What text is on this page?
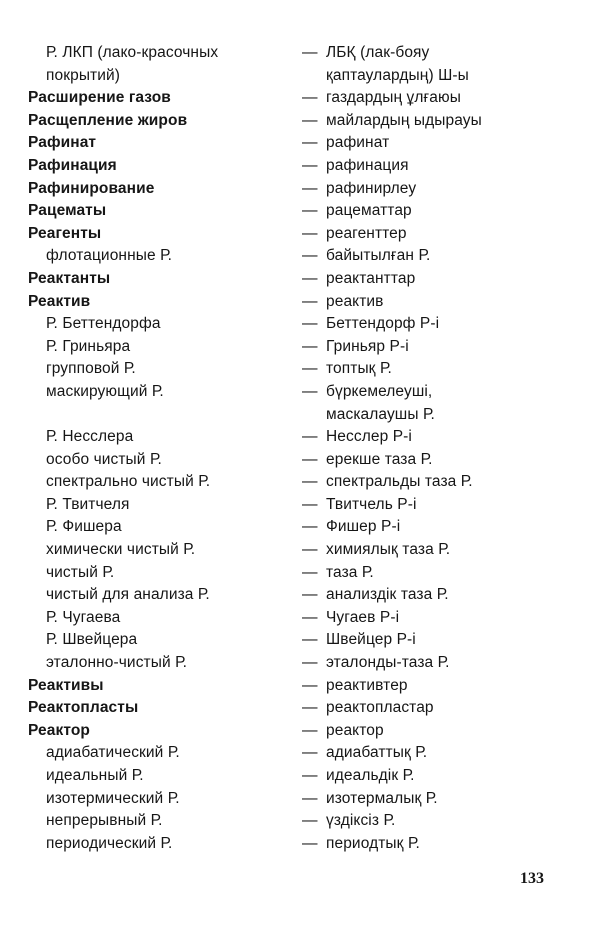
Р. ЛКП (лако-красочных	— ЛБҚ (лак-бояу
покрытий)	қаптаулардың) Ш-ы
Расширение газов	— газдардың ұлғаюы
Расщепление жиров	— майлардың ыдырауы
Рафинат	— рафинат
Рафинация	— рафинация
Рафинирование	— рафинирлеу
Рацематы	— рацематтар
Реагенты	— реагенттер
флотационные Р.	— байытылған Р.
Реактанты	— реактанттар
Реактив	— реактив
Р. Беттендорфа	— Беттендорф Р-і
Р. Гриньяра	— Гриньяр Р-і
групповой Р.	— топтық Р.
маскирующий Р.	— бүркемелеуші,
маскалаушы Р.
Р. Несслера	— Несслер Р-і
особо чистый Р.	— ерекше таза Р.
спектрально чистый Р.	— спектральды таза Р.
Р. Твитчеля	— Твитчель Р-і
Р. Фишера	— Фишер Р-і
химически чистый Р.	— химиялық таза Р.
чистый Р.	— таза Р.
чистый для анализа Р.	— анализдік таза Р.
Р. Чугаева	— Чугаев Р-і
Р. Швейцера	— Швейцер Р-і
эталонно-чистый Р.	— эталонды-таза Р.
Реактивы	— реактивтер
Реактопласты	— реактопластар
Реактор	— реактор
адиабатический Р.	— адиабаттық Р.
идеальный Р.	— идеальдік Р.
изотермический Р.	— изотермалық Р.
непрерывный Р.	— үздіксіз Р.
периодический Р.	— периодтық Р.
133
